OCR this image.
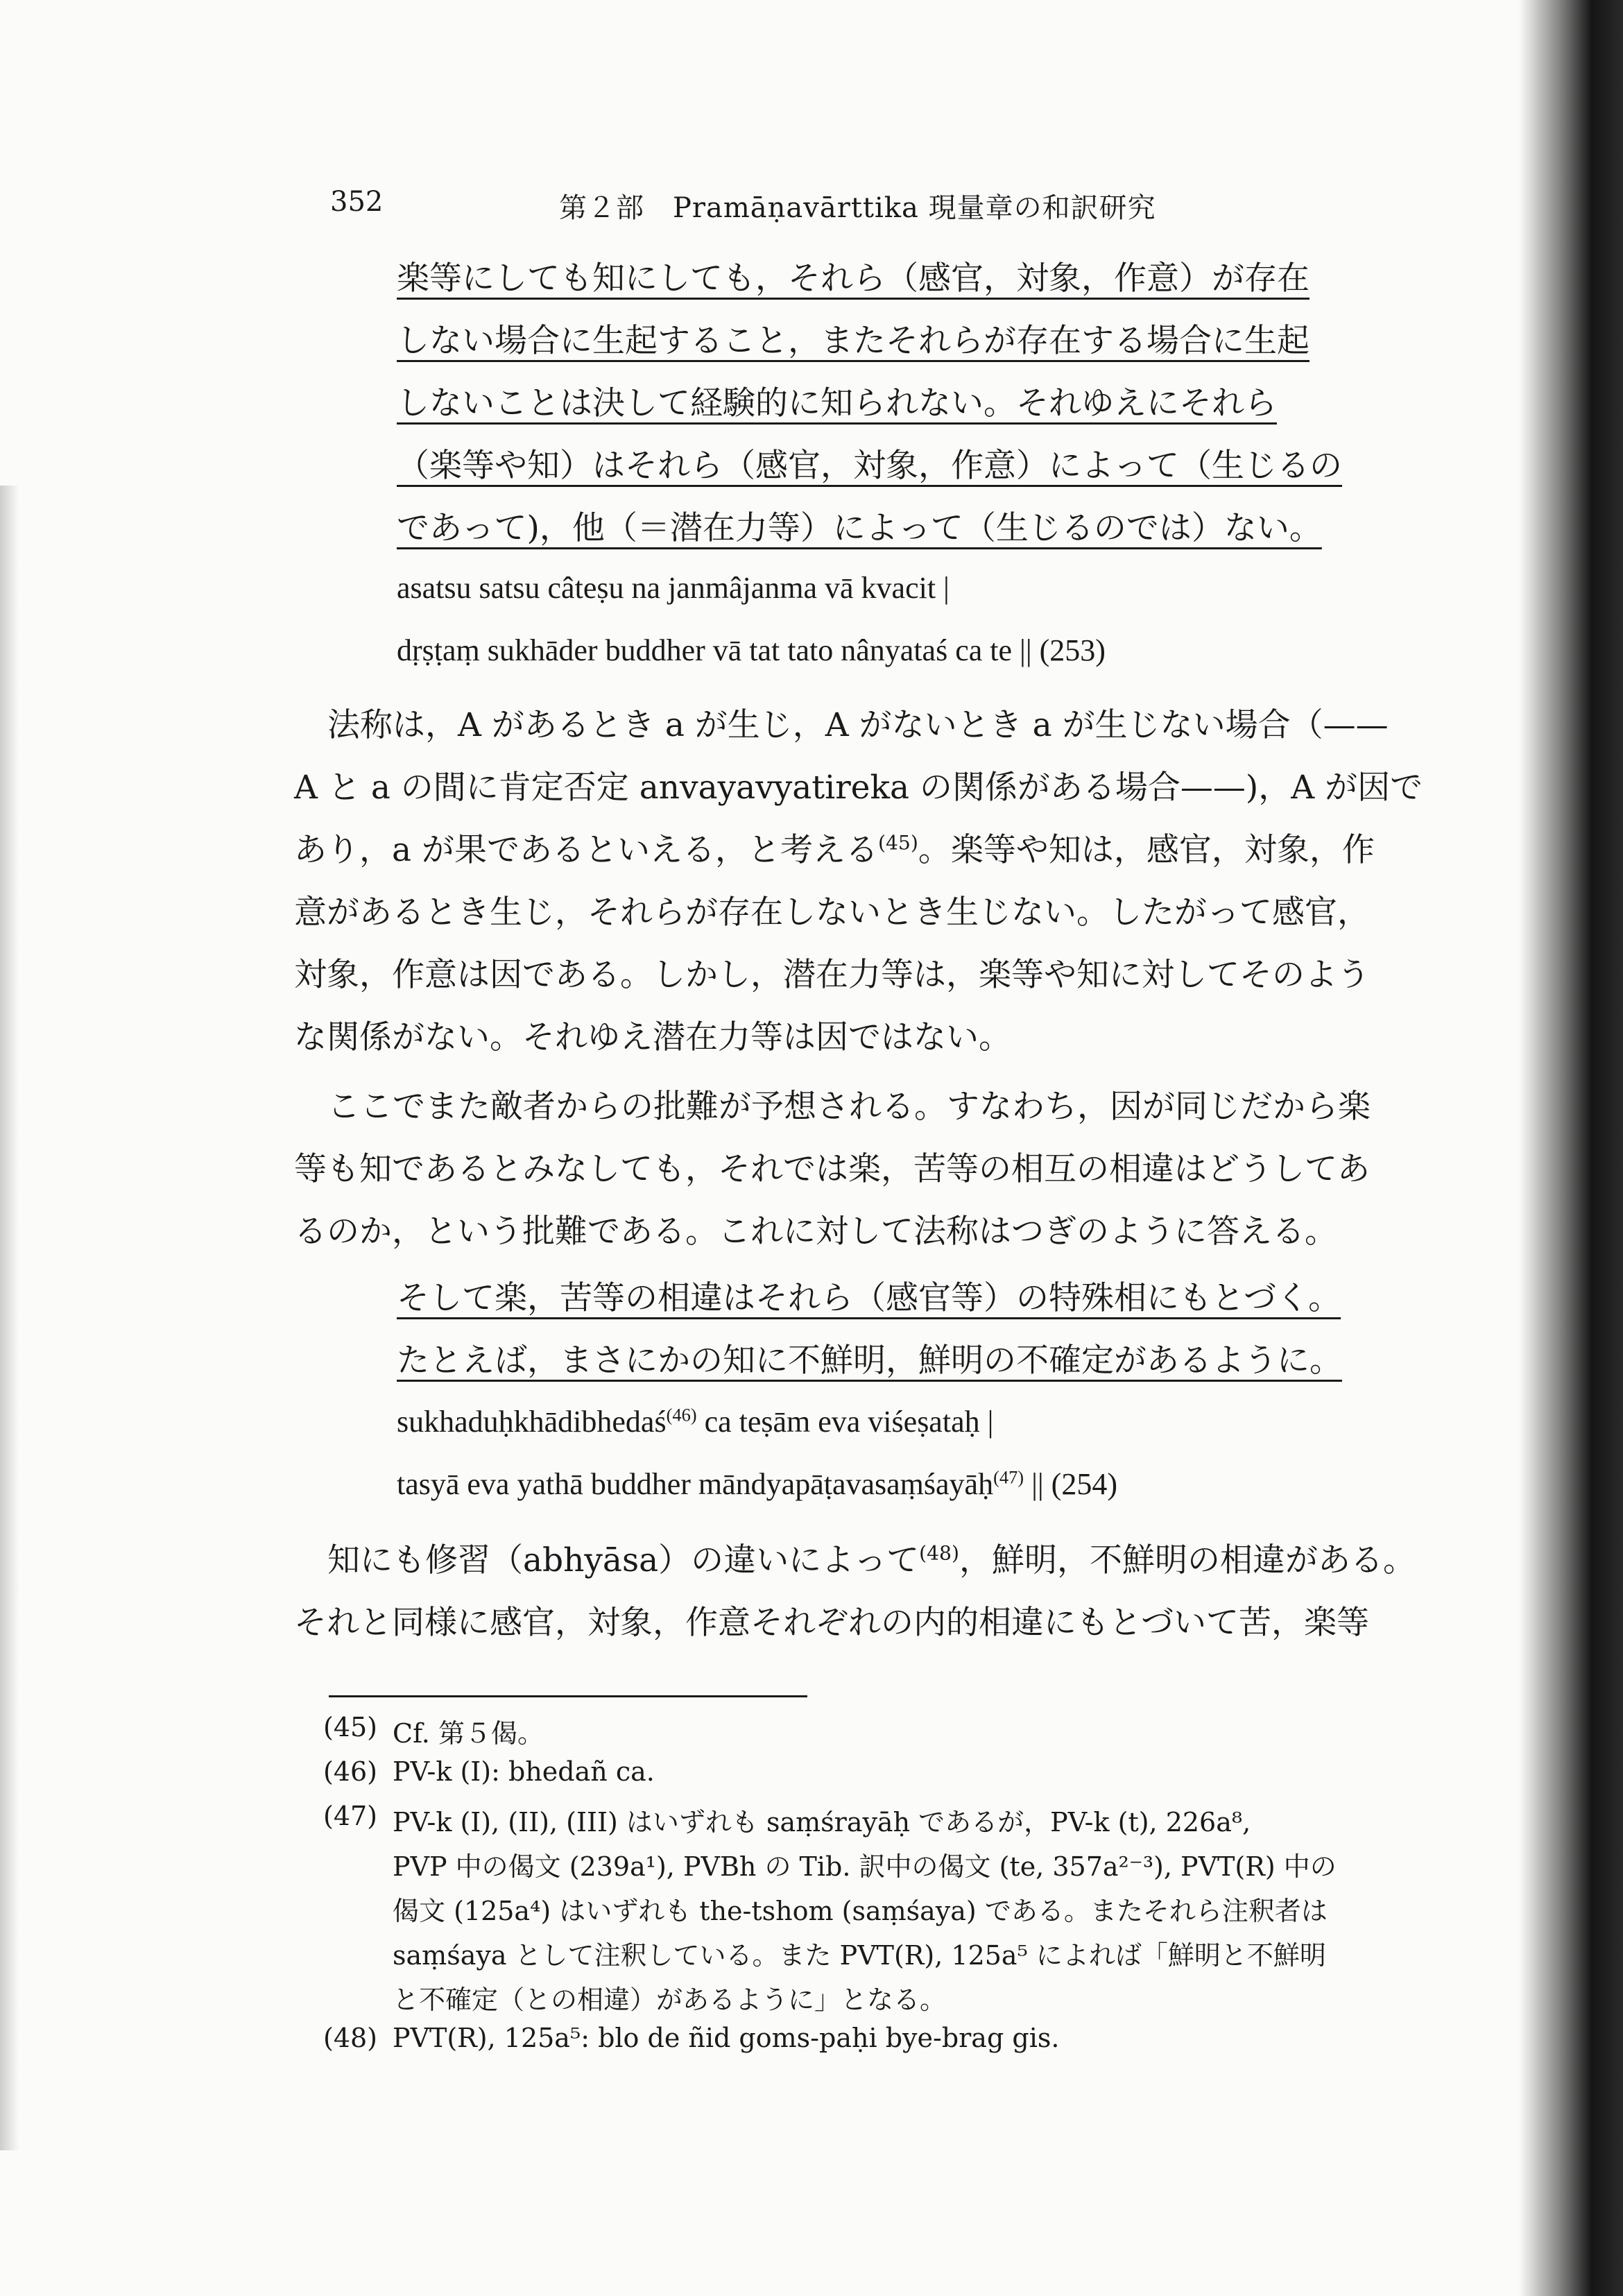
352	第２部　Pramāṇavārttika 現量章の和訳研究
楽等にしても知にしても，それら（感官，対象，作意）が存在
しない場合に生起すること，またそれらが存在する場合に生起
しないことは決して経験的に知られない。それゆえにそれら
（楽等や知）はそれら（感官，対象，作意）によって（生じるの
であって)，他（＝潜在力等）によって（生じるのでは）ない。
asatsu satsu câteṣu na janmâjanma vā kvacit |
dṛṣṭaṃ sukhāder buddher vā tat tato nânyataś ca te || (253)
法称は，A があるとき a が生じ，A がないとき a が生じない場合（——
A と a の間に肯定否定 anvayavyatireka の関係がある場合——)，A が因で
あり，a が果であるといえる，と考える$^{(45)}$。楽等や知は，感官，対象，作
意があるとき生じ，それらが存在しないとき生じない。したがって感官，
対象，作意は因である。しかし，潜在力等は，楽等や知に対してそのよう
な関係がない。それゆえ潜在力等は因ではない。
ここでまた敵者からの批難が予想される。すなわち，因が同じだから楽
等も知であるとみなしても，それでは楽，苦等の相互の相違はどうしてあ
るのか，という批難である。これに対して法称はつぎのように答える。
そして楽，苦等の相違はそれら（感官等）の特殊相にもとづく。
たとえば，まさにかの知に不鮮明，鮮明の不確定があるように。
sukhaduḥkhādibhedaś$^{(46)}$ ca teṣām eva viśeṣataḥ |
tasyā eva yathā buddher māndyapāṭavasaṃśayāḥ$^{(47)}$ || (254)
知にも修習（abhyāsa）の違いによって$^{(48)}$，鮮明，不鮮明の相違がある。
それと同様に感官，対象，作意それぞれの内的相違にもとづいて苦，楽等
(45) Cf. 第５偈。
(46) PV-k (I): bhedañ ca.
(47) PV-k (I), (II), (III) はいずれも saṃśrayāḥ であるが，PV-k (t), 226a⁸,
PVP 中の偈文 (239a¹), PVBh の Tib. 訳中の偈文 (te, 357a²⁻³), PVT(R) 中の
偈文 (125a⁴) はいずれも the-tshom (saṃśaya) である。またそれら注釈者は
saṃśaya として注釈している。また PVT(R), 125a⁵ によれば「鮮明と不鮮明
と不確定（との相違）があるように」となる。
(48) PVT(R), 125a⁵: blo de ñid goms-paḥi bye-brag gis.
